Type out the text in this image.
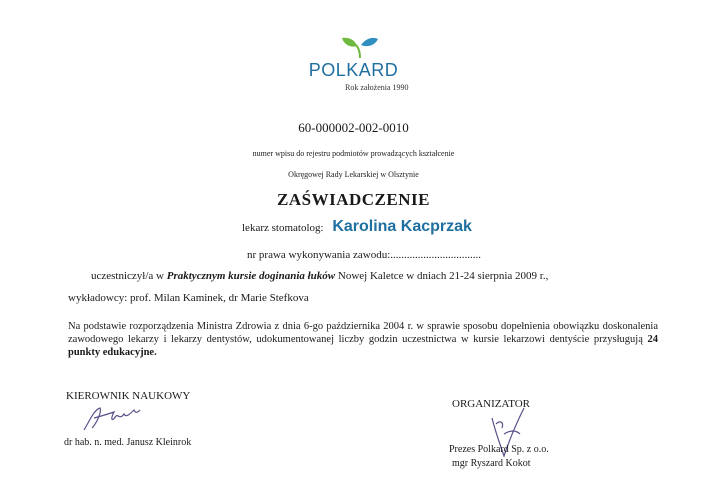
POLKARD
Rok założenia 1990
60-000002-002-0010
numer wpisu do rejestru podmiotów prowadzących kształcenie
Okręgowej Rady Lekarskiej w Olsztynie
ZAŚWIADCZENIE
lekarz stomatolog: Karolina Kacprzak
nr prawa wykonywania zawodu:.................................
uczestniczył/a w Praktycznym kursie doginania łuków Nowej Kaletce w dniach 21-24 sierpnia 2009 r.,
wykładowcy: prof. Milan Kaminek, dr Marie Stefkova
Na podstawie rozporządzenia Ministra Zdrowia z dnia 6-go października 2004 r. w sprawie sposobu dopełnienia obowiązku doskonalenia zawodowego lekarzy i lekarzy dentystów, udokumentowanej liczby godzin uczestnictwa w kursie lekarzowi dentyście przysługują 24 punkty edukacyjne.
KIEROWNIK NAUKOWY
dr hab. n. med. Janusz Kleinrok
ORGANIZATOR
Prezes Polkard Sp. z o.o.
mgr Ryszard Kokot
